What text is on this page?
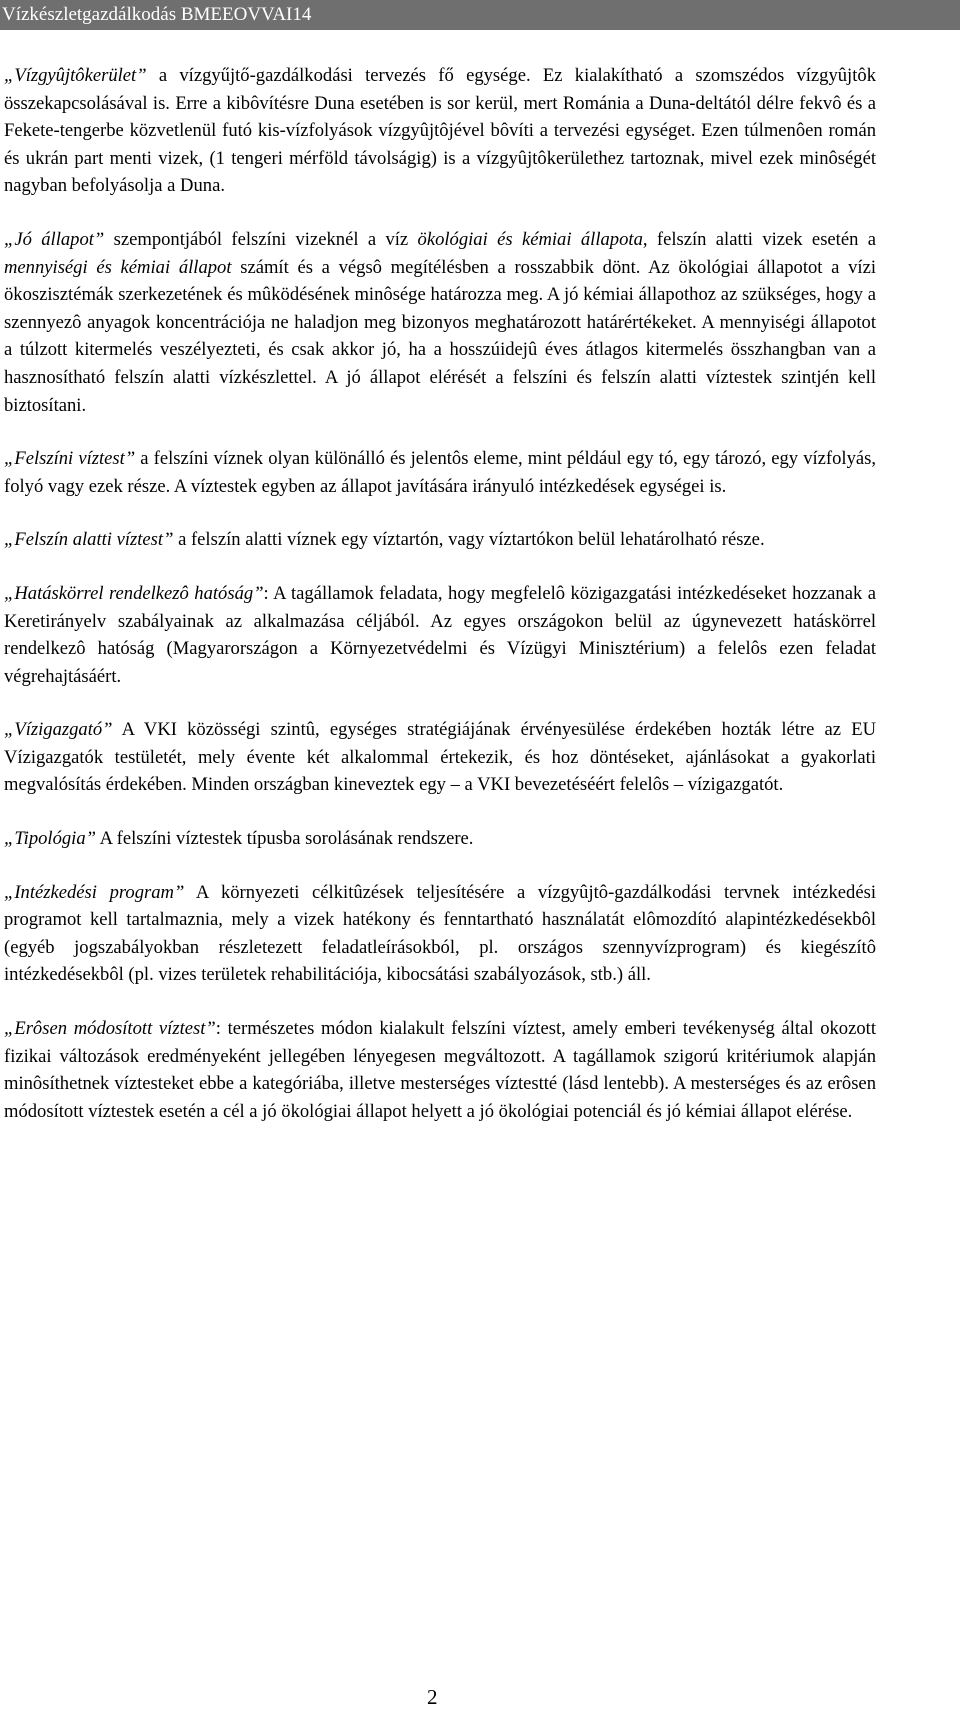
Vízkészletgazdálkodás BMEEOVVAI14

„Vízgyûjtôkerület” a vízgyűjtő-gazdálkodási tervezés fő egysége. Ez kialakítható a szomszédos vízgyûjtôk összekapcsolásával is. Erre a kibôvítésre Duna esetében is sor kerül, mert Románia a Duna-deltától délre fekvô és a Fekete-tengerbe közvetlenül futó kis-vízfolyások vízgyûjtôjével bôvíti a tervezési egységet. Ezen túlmenôen román és ukrán part menti vizek, (1 tengeri mérföld távolságig) is a vízgyûjtôkerülethez tartoznak, mivel ezek minôségét nagyban befolyásolja a Duna.

„Jó állapot” szempontjából felszíni vizeknél a víz ökológiai és kémiai állapota, felszín alatti vizek esetén a mennyiségi és kémiai állapot számít és a végsô megítélésben a rosszabbik dönt. Az ökológiai állapotot a vízi ökoszisztémák szerkezetének és mûködésének minôsége határozza meg. A jó kémiai állapothoz az szükséges, hogy a szennyezô anyagok koncentrációja ne haladjon meg bizonyos meghatározott határértékeket. A mennyiségi állapotot a túlzott kitermelés veszélyezteti, és csak akkor jó, ha a hosszúidejû éves átlagos kitermelés összhangban van a hasznosítható felszín alatti vízkészlettel. A jó állapot elérését a felszíni és felszín alatti víztestek szintjén kell biztosítani.

„Felszíni víztest” a felszíni víznek olyan különálló és jelentôs eleme, mint például egy tó, egy tározó, egy vízfolyás, folyó vagy ezek része. A víztestek egyben az állapot javítására irányuló intézkedések egységei is.

„Felszín alatti víztest” a felszín alatti víznek egy víztartón, vagy víztartókon belül lehatárolható része.

„Hatáskörrel rendelkezô hatóság”: A tagállamok feladata, hogy megfelelô közigazgatási intézkedéseket hozzanak a Keretirányelv szabályainak az alkalmazása céljából. Az egyes országokon belül az úgynevezett hatáskörrel rendelkezô hatóság (Magyarországon a Környezetvédelmi és Vízügyi Minisztérium) a felelôs ezen feladat végrehajtásáért.

„Vízigazgató” A VKI közösségi szintû, egységes stratégiájának érvényesülése érdekében hozták létre az EU Vízigazgatók testületét, mely évente két alkalommal értekezik, és hoz döntéseket, ajánlásokat a gyakorlati megvalósítás érdekében. Minden országban kineveztek egy – a VKI bevezetéséért felelôs – vízigazgatót.

„Tipológia” A felszíni víztestek típusba sorolásának rendszere.

„Intézkedési program” A környezeti célkitûzések teljesítésére a vízgyûjtô-gazdálkodási tervnek intézkedési programot kell tartalmaznia, mely a vizek hatékony és fenntartható használatát elômozdító alapintézkedésekbôl (egyéb jogszabályokban részletezett feladatleírásokból, pl. országos szennyvízprogram) és kiegészítô intézkedésekbôl (pl. vizes területek rehabilitációja, kibocsátási szabályozások, stb.) áll.

„Erôsen módosított víztest”: természetes módon kialakult felszíni víztest, amely emberi tevékenység által okozott fizikai változások eredményeként jellegében lényegesen megváltozott. A tagállamok szigorú kritériumok alapján minôsíthetnek víztesteket ebbe a kategóriába, illetve mesterséges víztestté (lásd lentebb). A mesterséges és az erôsen módosított víztestek esetén a cél a jó ökológiai állapot helyett a jó ökológiai potenciál és jó kémiai állapot elérése.

2
